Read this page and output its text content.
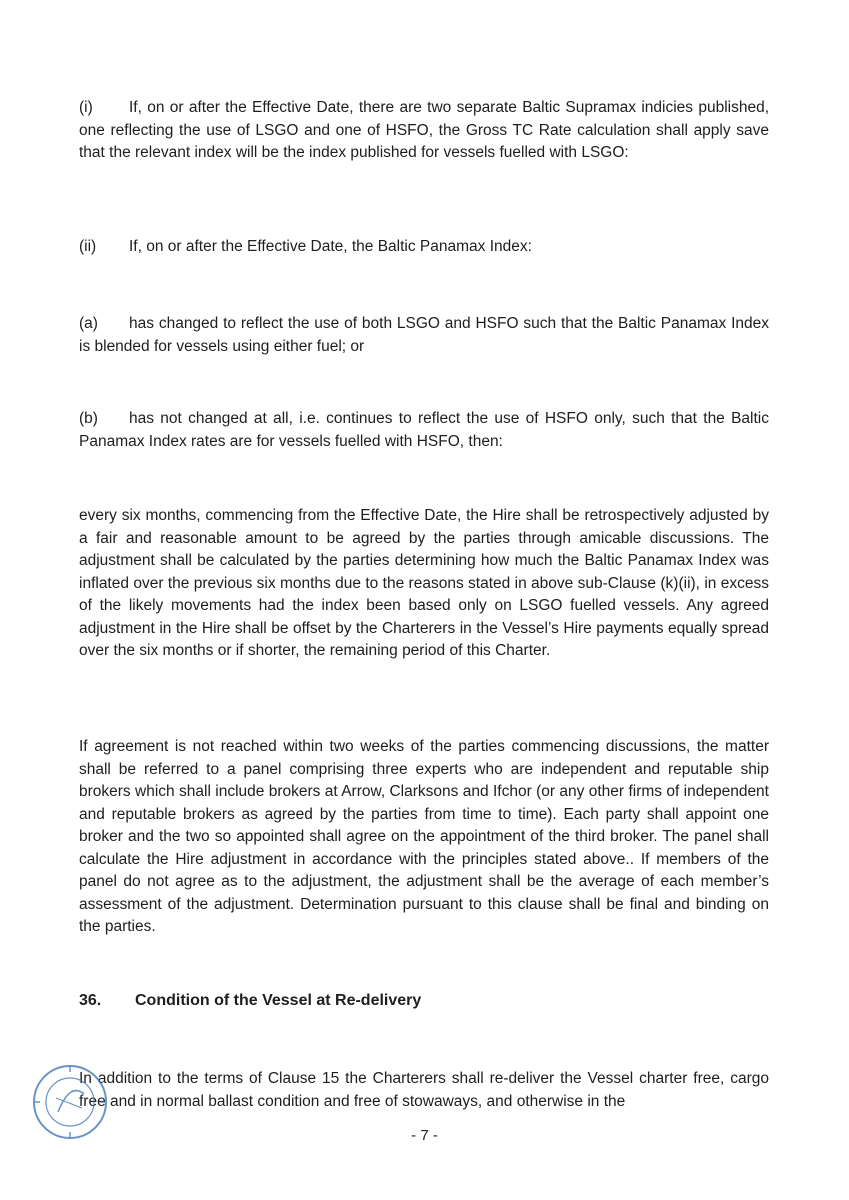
(i) If, on or after the Effective Date, there are two separate Baltic Supramax indicies published, one reflecting the use of LSGO and one of HSFO, the Gross TC Rate calculation shall apply save that the relevant index will be the index published for vessels fuelled with LSGO:

(ii) If, on or after the Effective Date, the Baltic Panamax Index:

(a) has changed to reflect the use of both LSGO and HSFO such that the Baltic Panamax Index is blended for vessels using either fuel; or

(b) has not changed at all, i.e. continues to reflect the use of HSFO only, such that the Baltic Panamax Index rates are for vessels fuelled with HSFO, then:

every six months, commencing from the Effective Date, the Hire shall be retrospectively adjusted by a fair and reasonable amount to be agreed by the parties through amicable discussions. The adjustment shall be calculated by the parties determining how much the Baltic Panamax Index was inflated over the previous six months due to the reasons stated in above sub-Clause (k)(ii), in excess of the likely movements had the index been based only on LSGO fuelled vessels. Any agreed adjustment in the Hire shall be offset by the Charterers in the Vessel’s Hire payments equally spread over the six months or if shorter, the remaining period of this Charter.

If agreement is not reached within two weeks of the parties commencing discussions, the matter shall be referred to a panel comprising three experts who are independent and reputable ship brokers which shall include brokers at Arrow, Clarksons and Ifchor (or any other firms of independent and reputable brokers as agreed by the parties from time to time). Each party shall appoint one broker and the two so appointed shall agree on the appointment of the third broker. The panel shall calculate the Hire adjustment in accordance with the principles stated above.. If members of the panel do not agree as to the adjustment, the adjustment shall be the average of each member’s assessment of the adjustment. Determination pursuant to this clause shall be final and binding on the parties.

36. Condition of the Vessel at Re-delivery

In addition to the terms of Clause 15 the Charterers shall re-deliver the Vessel charter free, cargo free and in normal ballast condition and free of stowaways, and otherwise in the

- 7 -
